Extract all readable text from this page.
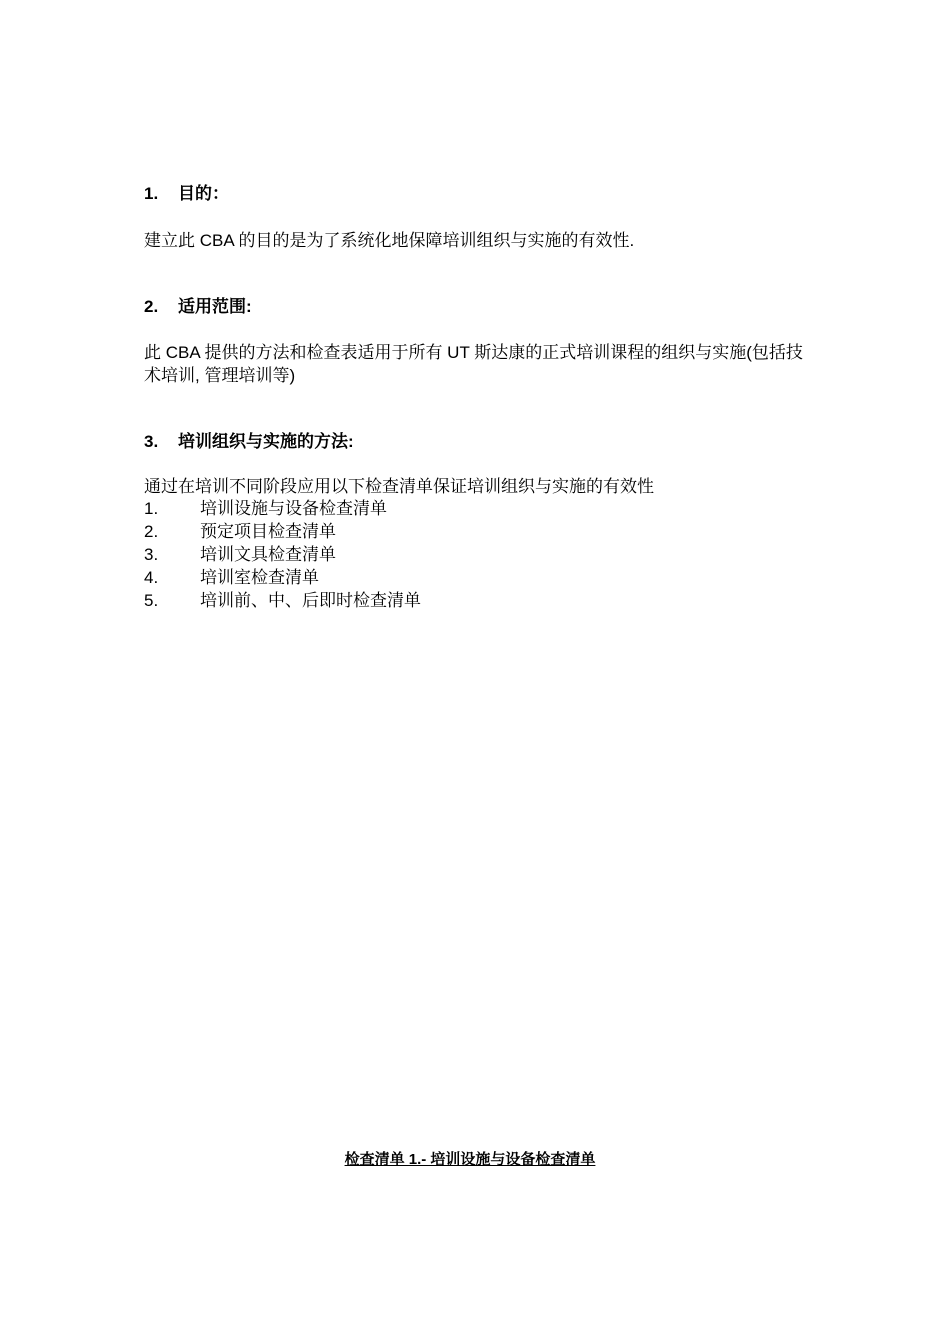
1. 目的：
建立此 CBA 的目的是为了系统化地保障培训组织与实施的有效性.
2. 适用范围:
此 CBA 提供的方法和检查表适用于所有 UT 斯达康的正式培训课程的组织与实施(包括技术培训, 管理培训等)
3. 培训组织与实施的方法:
通过在培训不同阶段应用以下检查清单保证培训组织与实施的有效性
1. 培训设施与设备检查清单
2. 预定项目检查清单
3. 培训文具检查清单
4. 培训室检查清单
5. 培训前、中、后即时检查清单
检查清单 1.- 培训设施与设备检查清单
